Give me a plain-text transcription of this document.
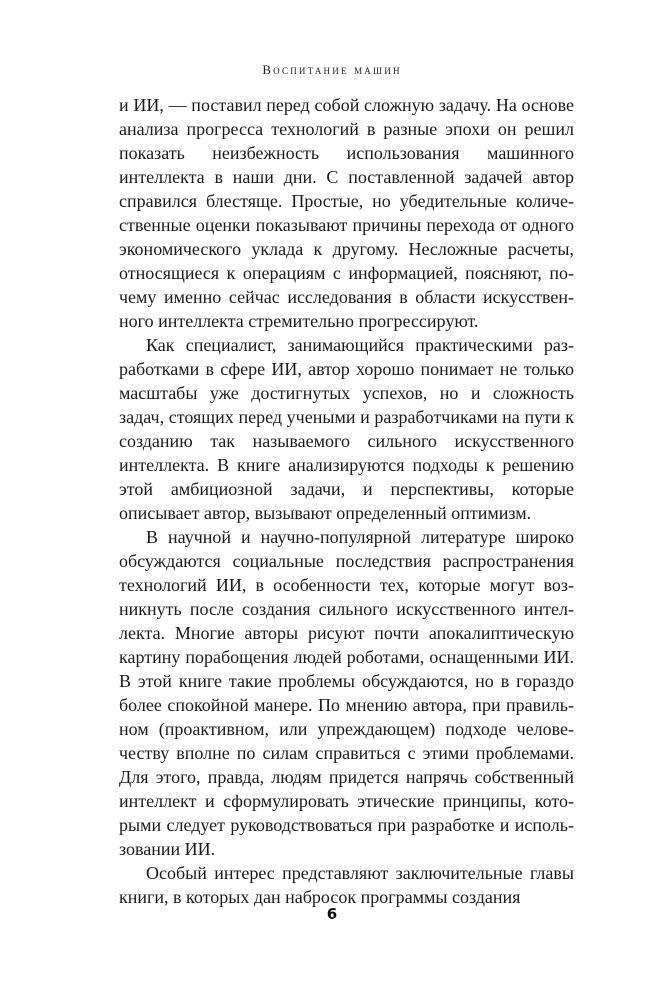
Воспитание машин

и ИИ, — поставил перед собой сложную задачу. На основе анализа прогресса технологий в разные эпохи он решил показать неизбежность использования машинного интеллекта в наши дни. С поставленной задачей автор справился блестяще. Простые, но убедительные количественные оценки показывают причины перехода от одного экономического уклада к другому. Несложные расчеты, относящиеся к операциям с информацией, поясняют, почему именно сейчас исследования в области искусственного интеллекта стремительно прогрессируют.

Как специалист, занимающийся практическими разработками в сфере ИИ, автор хорошо понимает не только масштабы уже достигнутых успехов, но и сложность задач, стоящих перед учеными и разработчиками на пути к созданию так называемого сильного искусственного интеллекта. В книге анализируются подходы к решению этой амбициозной задачи, и перспективы, которые описывает автор, вызывают определенный оптимизм.

В научной и научно-популярной литературе широко обсуждаются социальные последствия распространения технологий ИИ, в особенности тех, которые могут возникнуть после создания сильного искусственного интеллекта. Многие авторы рисуют почти апокалиптическую картину порабощения людей роботами, оснащенными ИИ. В этой книге такие проблемы обсуждаются, но в гораздо более спокойной манере. По мнению автора, при правильном (проактивном, или упреждающем) подходе человечеству вполне по силам справиться с этими проблемами. Для этого, правда, людям придется напрячь собственный интеллект и сформулировать этические принципы, которыми следует руководствоваться при разработке и использовании ИИ.

Особый интерес представляют заключительные главы книги, в которых дан набросок программы создания

6
